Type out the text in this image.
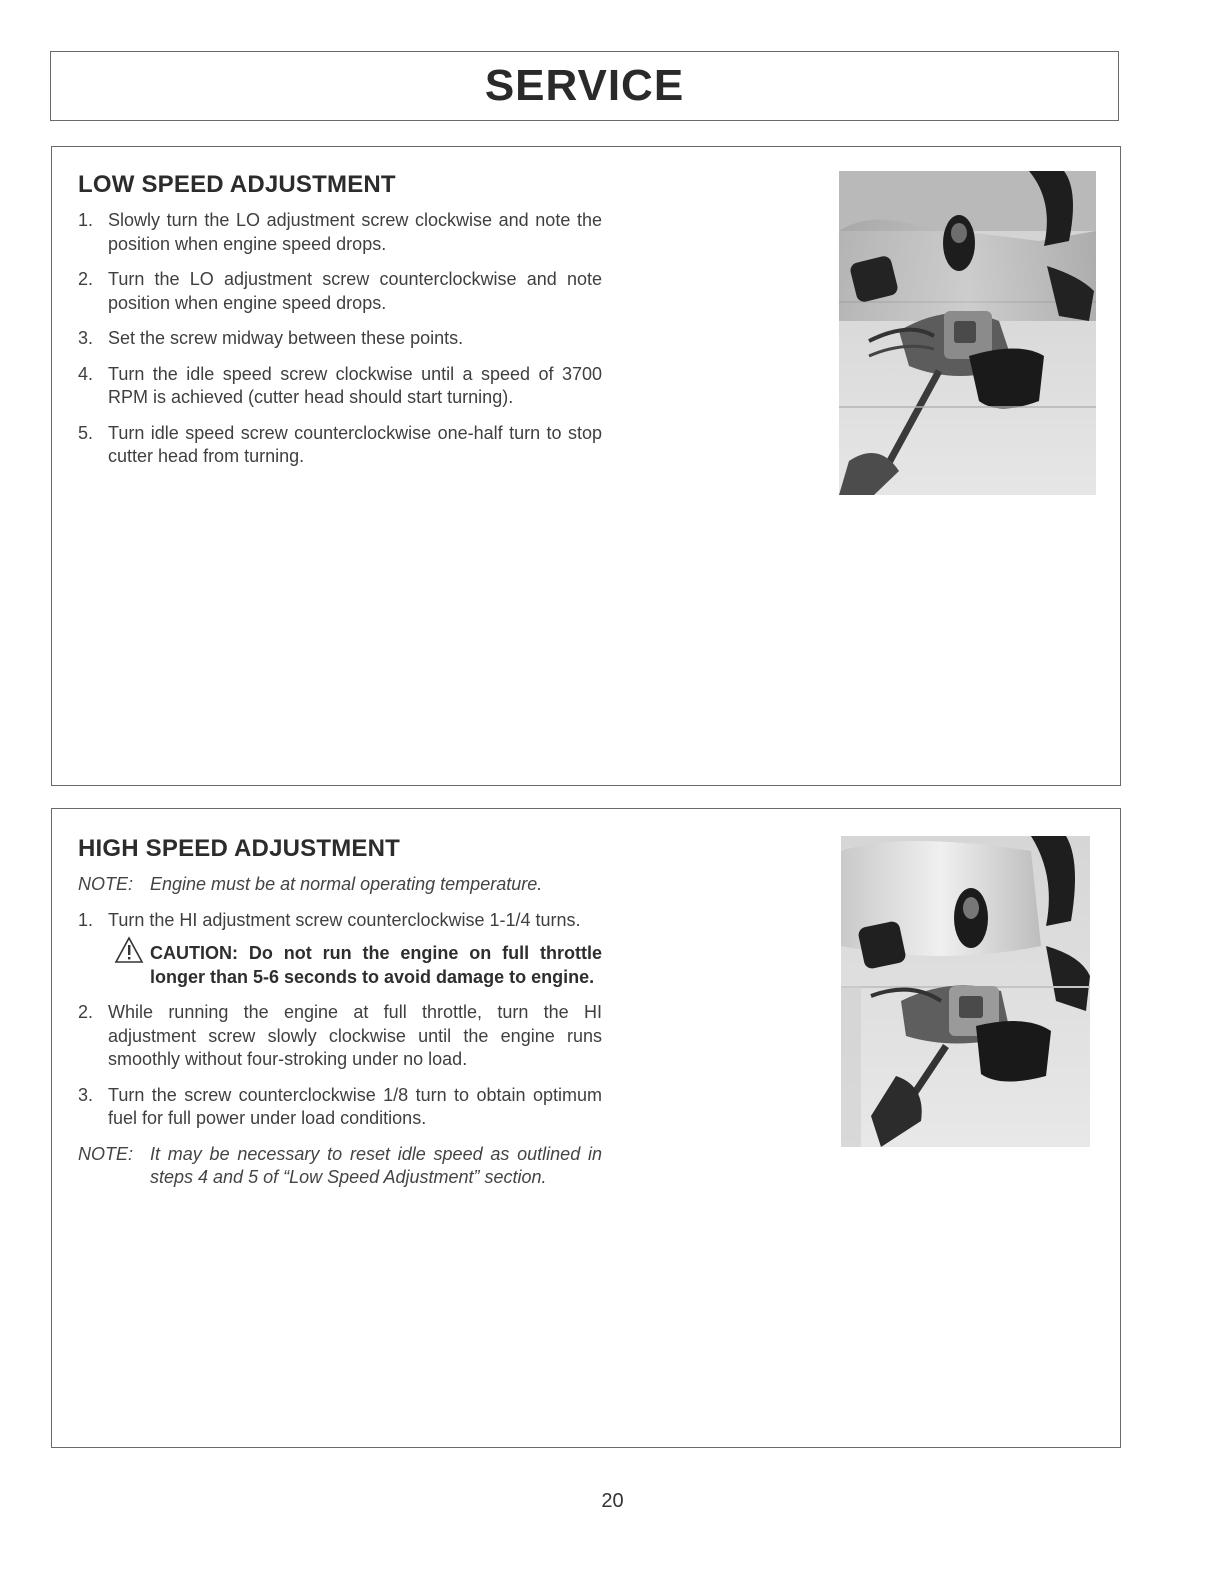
SERVICE
LOW SPEED ADJUSTMENT
1. Slowly turn the LO adjustment screw clockwise and note the position when engine speed drops.
2. Turn the LO adjustment screw counterclockwise and note position when engine speed drops.
3. Set the screw midway between these points.
4. Turn the idle speed screw clockwise until a speed of 3700 RPM is achieved (cutter head should start turning).
5. Turn idle speed screw counterclockwise one-half turn to stop cutter head from turning.
HIGH SPEED ADJUSTMENT
NOTE: Engine must be at normal operating temperature.
1. Turn the HI adjustment screw counterclockwise 1-1/4 turns.
CAUTION: Do not run the engine on full throttle longer than 5-6 seconds to avoid damage to engine.
2. While running the engine at full throttle, turn the HI adjustment screw slowly clockwise until the engine runs smoothly without four-stroking under no load.
3. Turn the screw counterclockwise 1/8 turn to obtain optimum fuel for full power under load conditions.
NOTE: It may be necessary to reset idle speed as outlined in steps 4 and 5 of “Low Speed Adjustment” section.
20
